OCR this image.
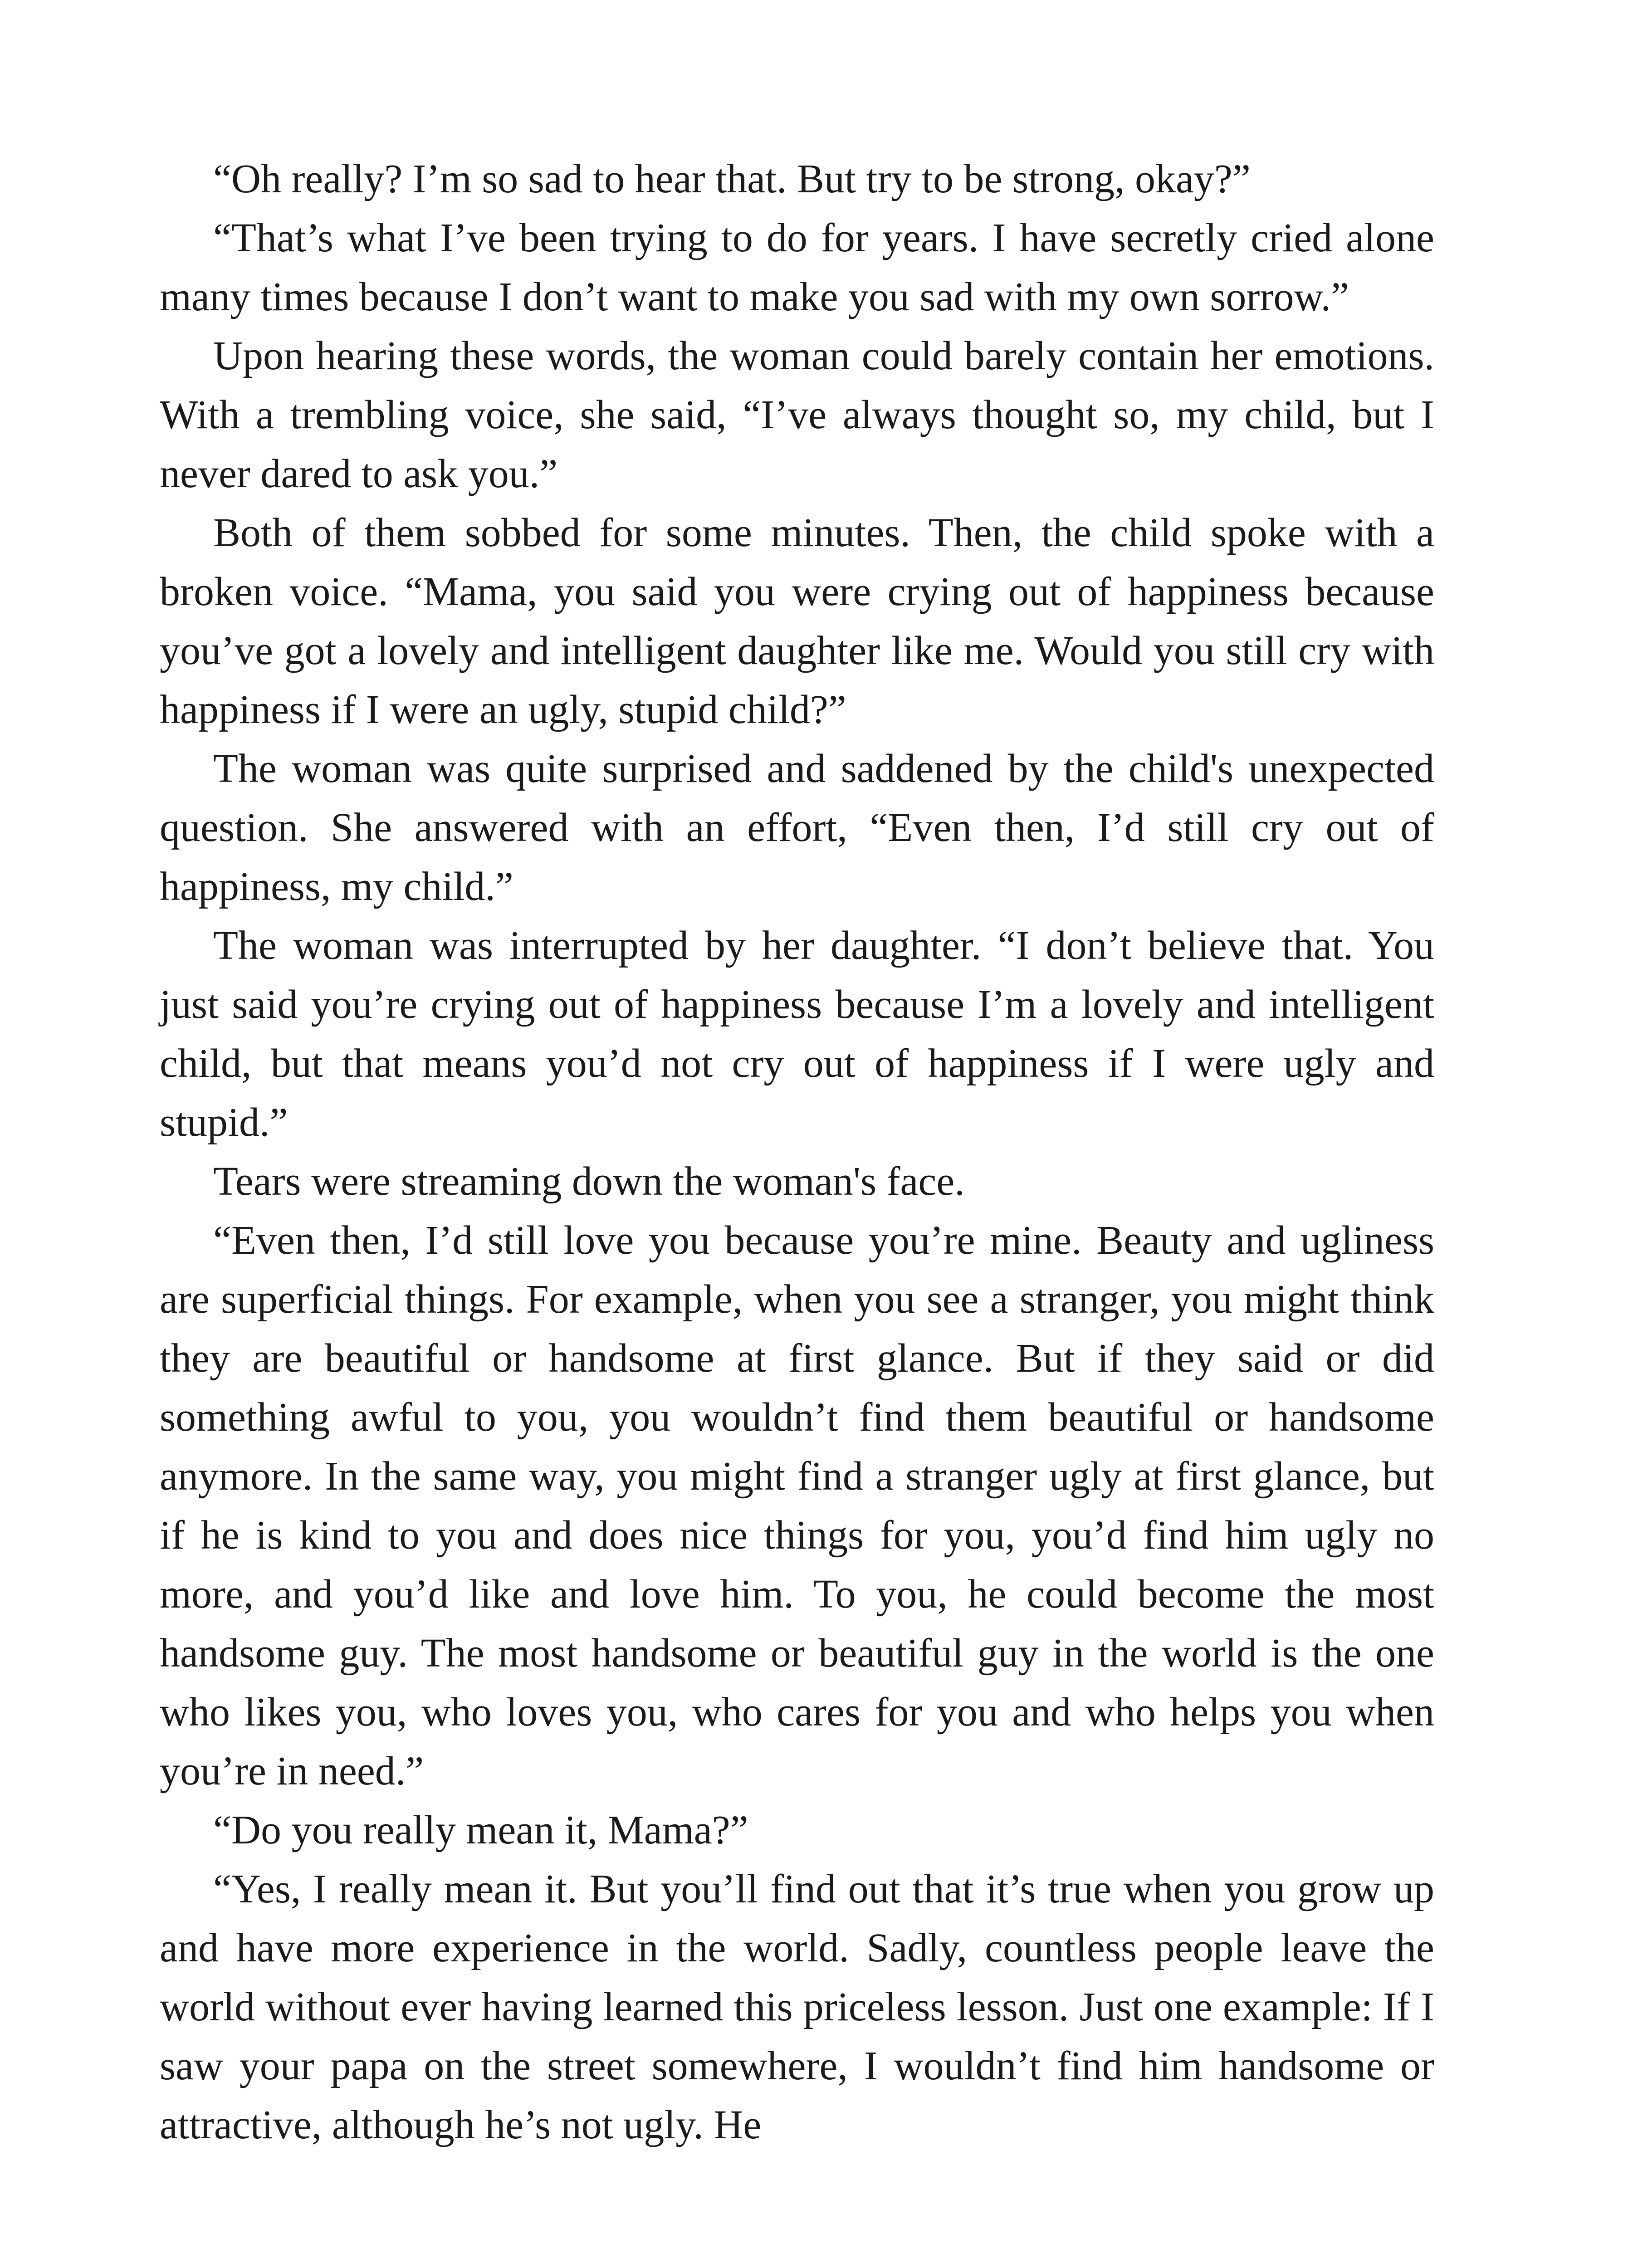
“Oh really? I’m so sad to hear that. But try to be strong, okay?”

“That’s what I’ve been trying to do for years. I have secretly cried alone many times because I don’t want to make you sad with my own sorrow.”

Upon hearing these words, the woman could barely contain her emotions. With a trembling voice, she said, “I’ve always thought so, my child, but I never dared to ask you.”

Both of them sobbed for some minutes. Then, the child spoke with a broken voice. “Mama, you said you were crying out of happiness because you’ve got a lovely and intelligent daughter like me. Would you still cry with happiness if I were an ugly, stupid child?”

The woman was quite surprised and saddened by the child's unexpected question. She answered with an effort, “Even then, I’d still cry out of happiness, my child.”

The woman was interrupted by her daughter. “I don’t believe that. You just said you’re crying out of happiness because I’m a lovely and intelligent child, but that means you’d not cry out of happiness if I were ugly and stupid.”

Tears were streaming down the woman's face.

“Even then, I’d still love you because you’re mine. Beauty and ugliness are superficial things. For example, when you see a stranger, you might think they are beautiful or handsome at first glance. But if they said or did something awful to you, you wouldn’t find them beautiful or handsome anymore. In the same way, you might find a stranger ugly at first glance, but if he is kind to you and does nice things for you, you’d find him ugly no more, and you’d like and love him. To you, he could become the most handsome guy. The most handsome or beautiful guy in the world is the one who likes you, who loves you, who cares for you and who helps you when you’re in need.”

“Do you really mean it, Mama?”

“Yes, I really mean it. But you’ll find out that it’s true when you grow up and have more experience in the world. Sadly, countless people leave the world without ever having learned this priceless lesson. Just one example: If I saw your papa on the street somewhere, I wouldn’t find him handsome or attractive, although he’s not ugly. He
